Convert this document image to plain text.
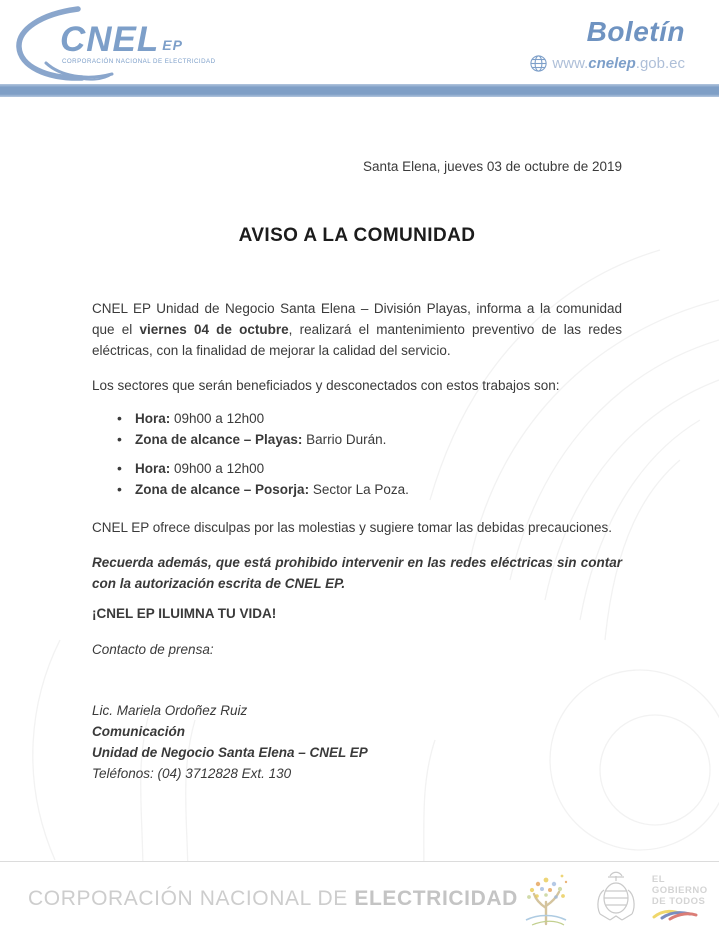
CNEL EP
CORPORACIÓN NACIONAL DE ELECTRICIDAD
Boletín
www.cnelep.gob.ec
Santa Elena, jueves 03 de octubre de 2019
AVISO A LA COMUNIDAD

CNEL EP Unidad de Negocio Santa Elena – División Playas, informa a la comunidad que el viernes 04 de octubre, realizará el mantenimiento preventivo de las redes eléctricas, con la finalidad de mejorar la calidad del servicio.

Los sectores que serán beneficiados y desconectados con estos trabajos son:

• Hora: 09h00 a 12h00
• Zona de alcance – Playas: Barrio Durán.
• Hora: 09h00 a 12h00
• Zona de alcance – Posorja: Sector La Poza.

CNEL EP ofrece disculpas por las molestias y sugiere tomar las debidas precauciones.

Recuerda además, que está prohibido intervenir en las redes eléctricas sin contar con la autorización escrita de CNEL EP.

¡CNEL EP ILUIMNA TU VIDA!

Contacto de prensa:

Lic. Mariela Ordoñez Ruiz
Comunicación
Unidad de Negocio Santa Elena – CNEL EP
Teléfonos: (04) 3712828 Ext. 130
CORPORACIÓN NACIONAL DE ELECTRICIDAD
EL
GOBIERNO
DE TODOS
